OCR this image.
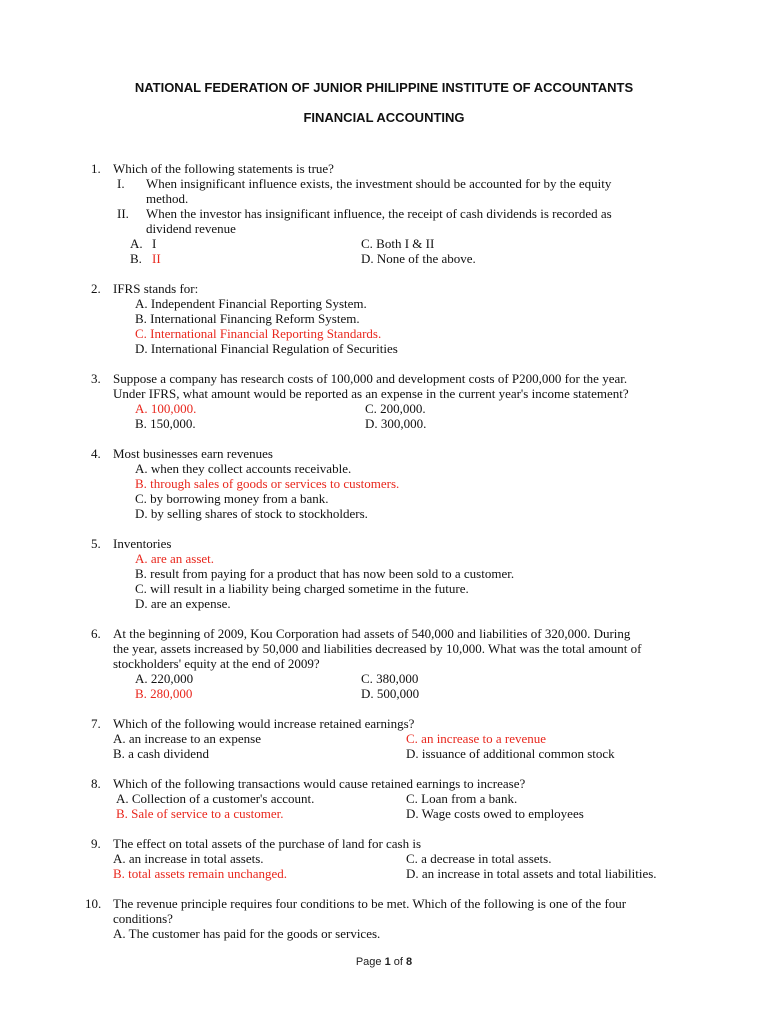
NATIONAL FEDERATION OF JUNIOR PHILIPPINE INSTITUTE OF ACCOUNTANTS
FINANCIAL ACCOUNTING
1. Which of the following statements is true?
I. When insignificant influence exists, the investment should be accounted for by the equity
method.
II. When the investor has insignificant influence, the receipt of cash dividends is recorded as
dividend revenue
A. I	C. Both I & II
B. II	D. None of the above.
2. IFRS stands for:
A. Independent Financial Reporting System.
B. International Financing Reform System.
C. International Financial Reporting Standards.
D. International Financial Regulation of Securities
3. Suppose a company has research costs of 100,000 and development costs of P200,000 for the year.
Under IFRS, what amount would be reported as an expense in the current year's income statement?
A. 100,000.	C. 200,000.
B. 150,000.	D. 300,000.
4. Most businesses earn revenues
A. when they collect accounts receivable.
B. through sales of goods or services to customers.
C. by borrowing money from a bank.
D. by selling shares of stock to stockholders.
5. Inventories
A. are an asset.
B. result from paying for a product that has now been sold to a customer.
C. will result in a liability being charged sometime in the future.
D. are an expense.
6. At the beginning of 2009, Kou Corporation had assets of 540,000 and liabilities of 320,000. During
the year, assets increased by 50,000 and liabilities decreased by 10,000. What was the total amount of
stockholders' equity at the end of 2009?
A. 220,000	C. 380,000
B. 280,000	D. 500,000
7. Which of the following would increase retained earnings?
A. an increase to an expense	C. an increase to a revenue
B. a cash dividend	D. issuance of additional common stock
8. Which of the following transactions would cause retained earnings to increase?
A. Collection of a customer's account.	C. Loan from a bank.
B. Sale of service to a customer.	D. Wage costs owed to employees
9. The effect on total assets of the purchase of land for cash is
A. an increase in total assets.	C. a decrease in total assets.
B. total assets remain unchanged.	D. an increase in total assets and total liabilities.
10. The revenue principle requires four conditions to be met. Which of the following is one of the four
conditions?
A. The customer has paid for the goods or services.
Page 1 of 8
